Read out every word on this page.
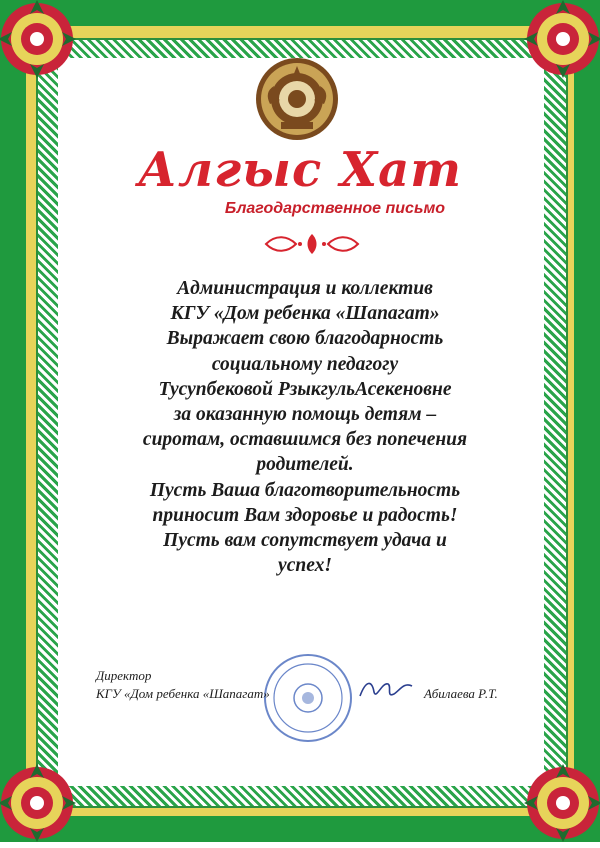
Алгыс Хат
Благодарственное письмо
Администрация и коллектив
КГУ «Дом ребенка «Шапагат»
Выражает свою благодарность
социальному педагогу
Тусупбековой РзыкгульАсекеновне
за оказанную помощь детям –
сиротам, оставшимся без попечения
родителей.
Пусть Ваша благотворительность
приносит Вам здоровье и радость!
Пусть вам сопутствует удача и
успех!
Директор
КГУ «Дом ребенка «Шапагат»	Абилаева Р.Т.
